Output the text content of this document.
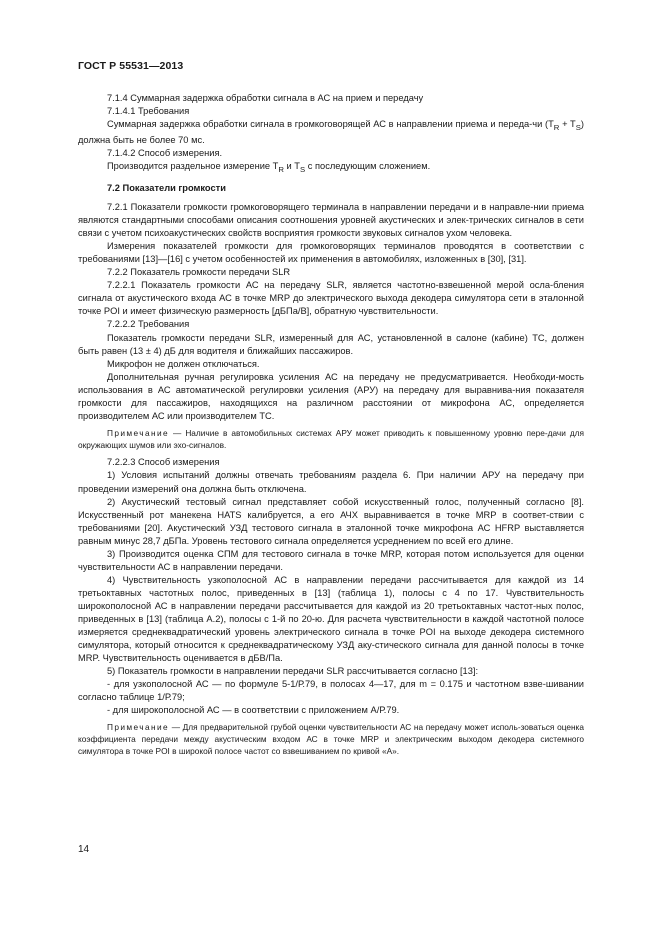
ГОСТ Р 55531—2013

7.1.4 Суммарная задержка обработки сигнала в АС на прием и передачу

7.1.4.1 Требования

Суммарная задержка обработки сигнала в громкоговорящей АС в направлении приема и переда-чи $(T_R + T_S)$ должна быть не более 70 мс.

7.1.4.2 Способ измерения.

Производится раздельное измерение $T_R$ и $T_S$ с последующим сложением.

7.2 Показатели громкости

7.2.1 Показатели громкости громкоговорящего терминала в направлении передачи и в направле-нии приема являются стандартными способами описания соотношения уровней акустических и элек-трических сигналов в сети связи с учетом психоакустических свойств восприятия громкости звуковых сигналов ухом человека.

Измерения показателей громкости для громкоговорящих терминалов проводятся в соответствии с требованиями [13]—[16] с учетом особенностей их применения в автомобилях, изложенных в [30], [31].

7.2.2 Показатель громкости передачи SLR

7.2.2.1 Показатель громкости АС на передачу SLR, является частотно-взвешенной мерой осла-бления сигнала от акустического входа АС в точке MRP до электрического выхода декодера симулятора сети в эталонной точке POI и имеет физическую размерность [дБПа/В], обратную чувствительности.

7.2.2.2 Требования

Показатель громкости передачи SLR, измеренный для АС, установленной в салоне (кабине) ТС, должен быть равен (13 ± 4) дБ для водителя и ближайших пассажиров.

Микрофон не должен отключаться.

Дополнительная ручная регулировка усиления АС на передачу не предусматривается. Необходи-мость использования в АС автоматической регулировки усиления (АРУ) на передачу для выравнива-ния показателя громкости для пассажиров, находящихся на различном расстоянии от микрофона АС, определяется производителем АС или производителем ТС.

Примечание — Наличие в автомобильных системах АРУ может приводить к повышенному уровню пере-дачи для окружающих шумов или эхо-сигналов.

7.2.2.3 Способ измерения

1) Условия испытаний должны отвечать требованиям раздела 6. При наличии АРУ на передачу при проведении измерений она должна быть отключена.

2) Акустический тестовый сигнал представляет собой искусственный голос, полученный согласно [8]. Искусственный рот манекена HATS калибруется, а его АЧХ выравнивается в точке MRP в соответ-ствии с требованиями [20]. Акустический УЗД тестового сигнала в эталонной точке микрофона АС HFRP выставляется равным минус 28,7 дБПа. Уровень тестового сигнала определяется усреднением по всей его длине.

3) Производится оценка СПМ для тестового сигнала в точке MRP, которая потом используется для оценки чувствительности АС в направлении передачи.

4) Чувствительность узкополосной АС в направлении передачи рассчитывается для каждой из 14 третьоктавных частотных полос, приведенных в [13] (таблица 1), полосы с 4 по 17. Чувствительность широкополосной АС в направлении передачи рассчитывается для каждой из 20 третьоктавных частот-ных полос, приведенных в [13] (таблица А.2), полосы с 1-й по 20-ю. Для расчета чувствительности в каждой частотной полосе измеряется среднеквадратический уровень электрического сигнала в точке POI на выходе декодера системного симулятора, который относится к среднеквадратическому УЗД аку-стического сигнала для данной полосы в точке MRP. Чувствительность оценивается в дБВ/Па.

5) Показатель громкости в направлении передачи SLR рассчитывается согласно [13]:

- для узкополосной АС — по формуле 5-1/Р.79, в полосах 4—17, для m = 0.175 и частотном взве-шивании согласно таблице 1/Р.79;

- для широкополосной АС — в соответствии с приложением А/Р.79.

Примечание — Для предварительной грубой оценки чувствительности АС на передачу может исполь-зоваться оценка коэффициента передачи между акустическим входом АС в точке MRP и электрическим выходом декодера системного симулятора в точке POI в широкой полосе частот со взвешиванием по кривой «А».

14
